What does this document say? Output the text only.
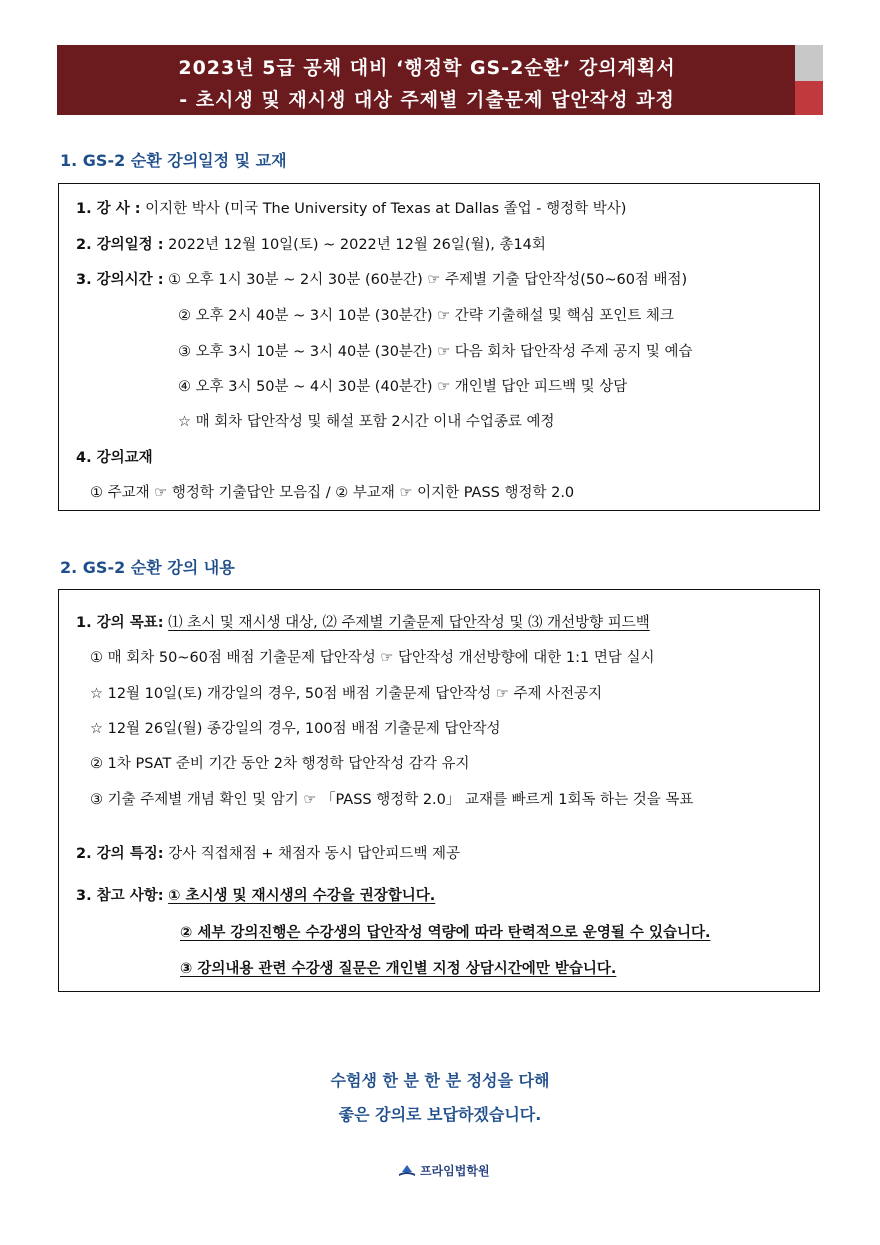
2023년 5급 공채 대비 ‘행정학 GS-2순환’ 강의계획서
- 초시생 및 재시생 대상 주제별 기출문제 답안작성 과정
1. GS-2 순환 강의일정 및 교재
1. 강 사 : 이지한 박사 (미국 The University of Texas at Dallas 졸업 - 행정학 박사)
2. 강의일정 : 2022년 12월 10일(토) ~ 2022년 12월 26일(월), 총14회
3. 강의시간 : ① 오후 1시 30분 ~ 2시 30분 (60분간) ☞ 주제별 기출 답안작성(50~60점 배점)
② 오후 2시 40분 ~ 3시 10분 (30분간) ☞ 간략 기출해설 및 핵심 포인트 체크
③ 오후 3시 10분 ~ 3시 40분 (30분간) ☞ 다음 회차 답안작성 주제 공지 및 예습
④ 오후 3시 50분 ~ 4시 30분 (40분간) ☞ 개인별 답안 피드백 및 상담
☆ 매 회차 답안작성 및 해설 포함 2시간 이내 수업종료 예정
4. 강의교재
① 주교재 ☞ 행정학 기출답안 모음집 / ② 부교재 ☞ 이지한 PASS 행정학 2.0
2. GS-2 순환 강의 내용
1. 강의 목표: ⑴ 초시 및 재시생 대상, ⑵ 주제별 기출문제 답안작성 및 ⑶ 개선방향 피드백
① 매 회차 50~60점 배점 기출문제 답안작성 ☞ 답안작성 개선방향에 대한 1:1 면담 실시
☆ 12월 10일(토) 개강일의 경우, 50점 배점 기출문제 답안작성 ☞ 주제 사전공지
☆ 12월 26일(월) 종강일의 경우, 100점 배점 기출문제 답안작성
② 1차 PSAT 준비 기간 동안 2차 행정학 답안작성 감각 유지
③ 기출 주제별 개념 확인 및 암기 ☞ 「PASS 행정학 2.0」 교재를 빠르게 1회독 하는 것을 목표
2. 강의 특징: 강사 직접채점 + 채점자 동시 답안피드백 제공
3. 참고 사항: ① 초시생 및 재시생의 수강을 권장합니다.
② 세부 강의진행은 수강생의 답안작성 역량에 따라 탄력적으로 운영될 수 있습니다.
③ 강의내용 관련 수강생 질문은 개인별 지정 상담시간에만 받습니다.
수험생 한 분 한 분 정성을 다해
좋은 강의로 보답하겠습니다.
프라임법학원
